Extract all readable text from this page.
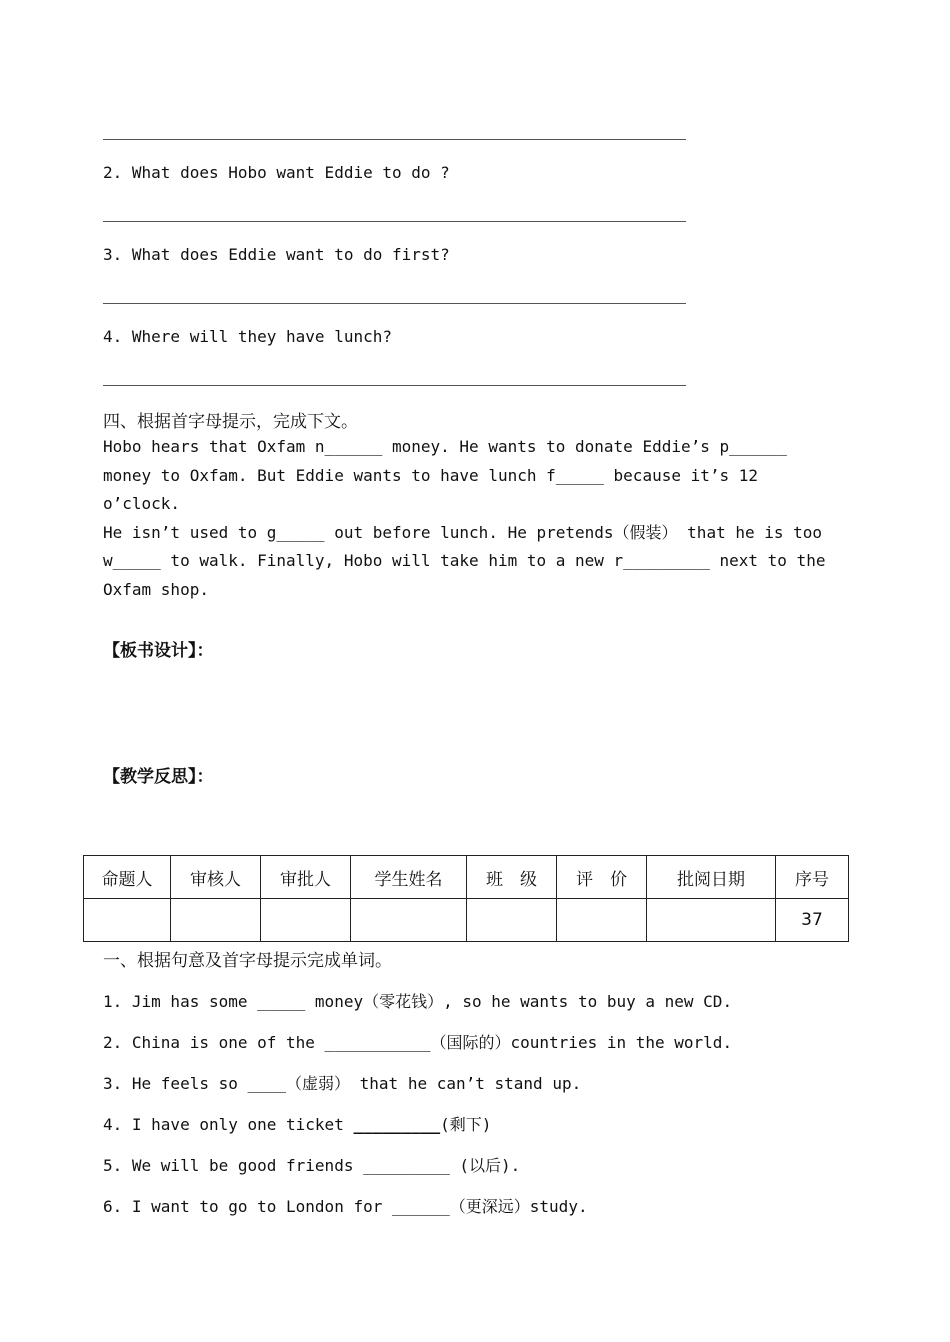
2. What does Hobo want Eddie to do ?
3. What does Eddie want to do first?
4. Where will they have lunch?
四、根据首字母提示，完成下文。
Hobo hears that Oxfam n______ money. He wants to donate Eddie’s p______
money to Oxfam. But Eddie wants to have lunch f_____ because it’s 12
o’clock.
He isn’t used to g_____ out before lunch. He pretends（假装） that he is too
w_____ to walk. Finally, Hobo will take him to a new r_________ next to the
Oxfam shop.
【板书设计】：
【教学反思】：
命题人	审核人	审批人	学生姓名	班　级	评　价	批阅日期	序号
							37
一、根据句意及首字母提示完成单词。
1. Jim has some _____ money（零花钱）, so he wants to buy a new CD.
2. China is one of the ___________（国际的）countries in the world.
3. He feels so ____（虚弱） that he can’t stand up.
4. I have only one ticket _________(剩下)
5. We will be good friends _________ (以后).
6. I want to go to London for ______（更深远）study.
